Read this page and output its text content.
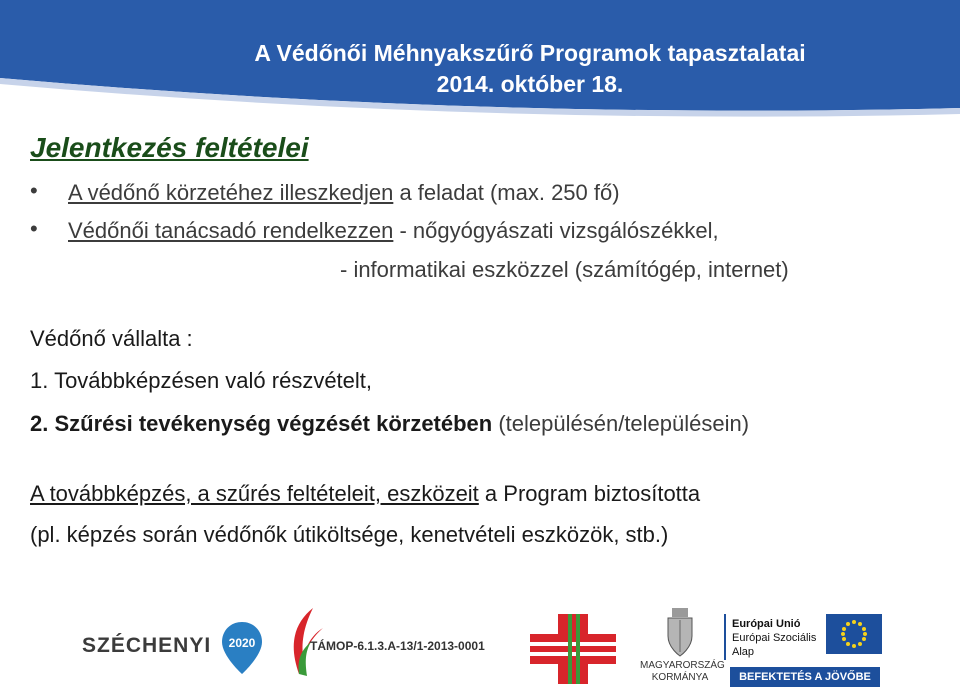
A Védőnői Méhnyakszűrő Programok tapasztalatai
2014. október 18.
Jelentkezés feltételei
• A védőnő körzetéhez illeszkedjen a feladat (max. 250 fő)
• Védőnői tanácsadó rendelkezzen - nőgyógyászati vizsgálószékkel,
- informatikai eszközzel (számítógép, internet)
Védőnő vállalta :
1. Továbbképzésen való részvételt,
2. Szűrési tevékenység végzését körzetében (településén/településein)
A továbbképzés, a szűrés feltételeit, eszközeit a Program biztosította
(pl. képzés során védőnők útiköltsége, kenetvételi eszközök, stb.)
SZÉCHENYI 2020	TÁMOP-6.1.3.A-13/1-2013-0001
MAGYARORSZÁG
KORMÁNYA
Európai Unió
Európai Szociális
Alap
BEFEKTETÉS A JÖVŐBE
